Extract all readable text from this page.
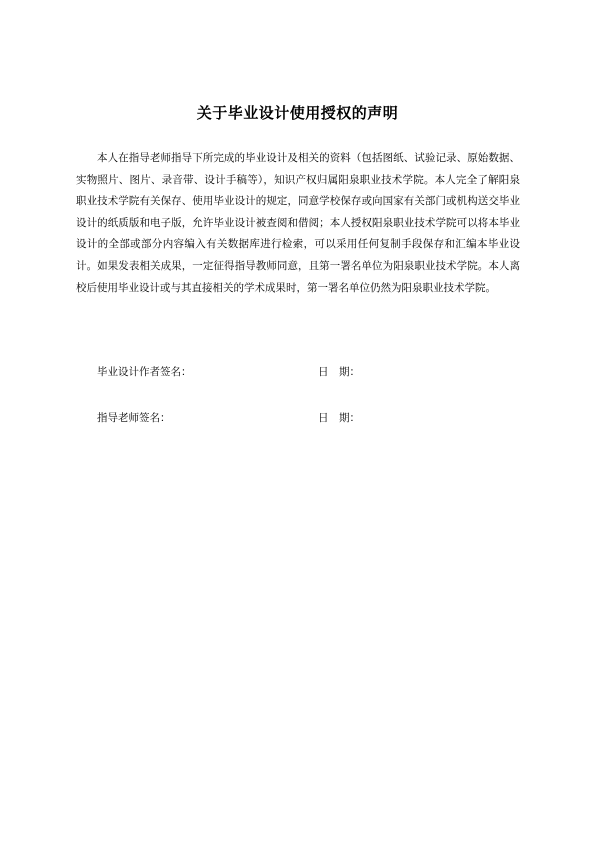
关于毕业设计使用授权的声明

本人在指导老师指导下所完成的毕业设计及相关的资料（包括图纸、试验记录、原始数据、实物照片、图片、录音带、设计手稿等），知识产权归属阳泉职业技术学院。本人完全了解阳泉职业技术学院有关保存、使用毕业设计的规定，同意学校保存或向国家有关部门或机构送交毕业设计的纸质版和电子版，允许毕业设计被查阅和借阅；本人授权阳泉职业技术学院可以将本毕业设计的全部或部分内容编入有关数据库进行检索，可以采用任何复制手段保存和汇编本毕业设计。如果发表相关成果，一定征得指导教师同意，且第一署名单位为阳泉职业技术学院。本人离校后使用毕业设计或与其直接相关的学术成果时，第一署名单位仍然为阳泉职业技术学院。

毕业设计作者签名：	日　期：
指导老师签名：	日　期：
